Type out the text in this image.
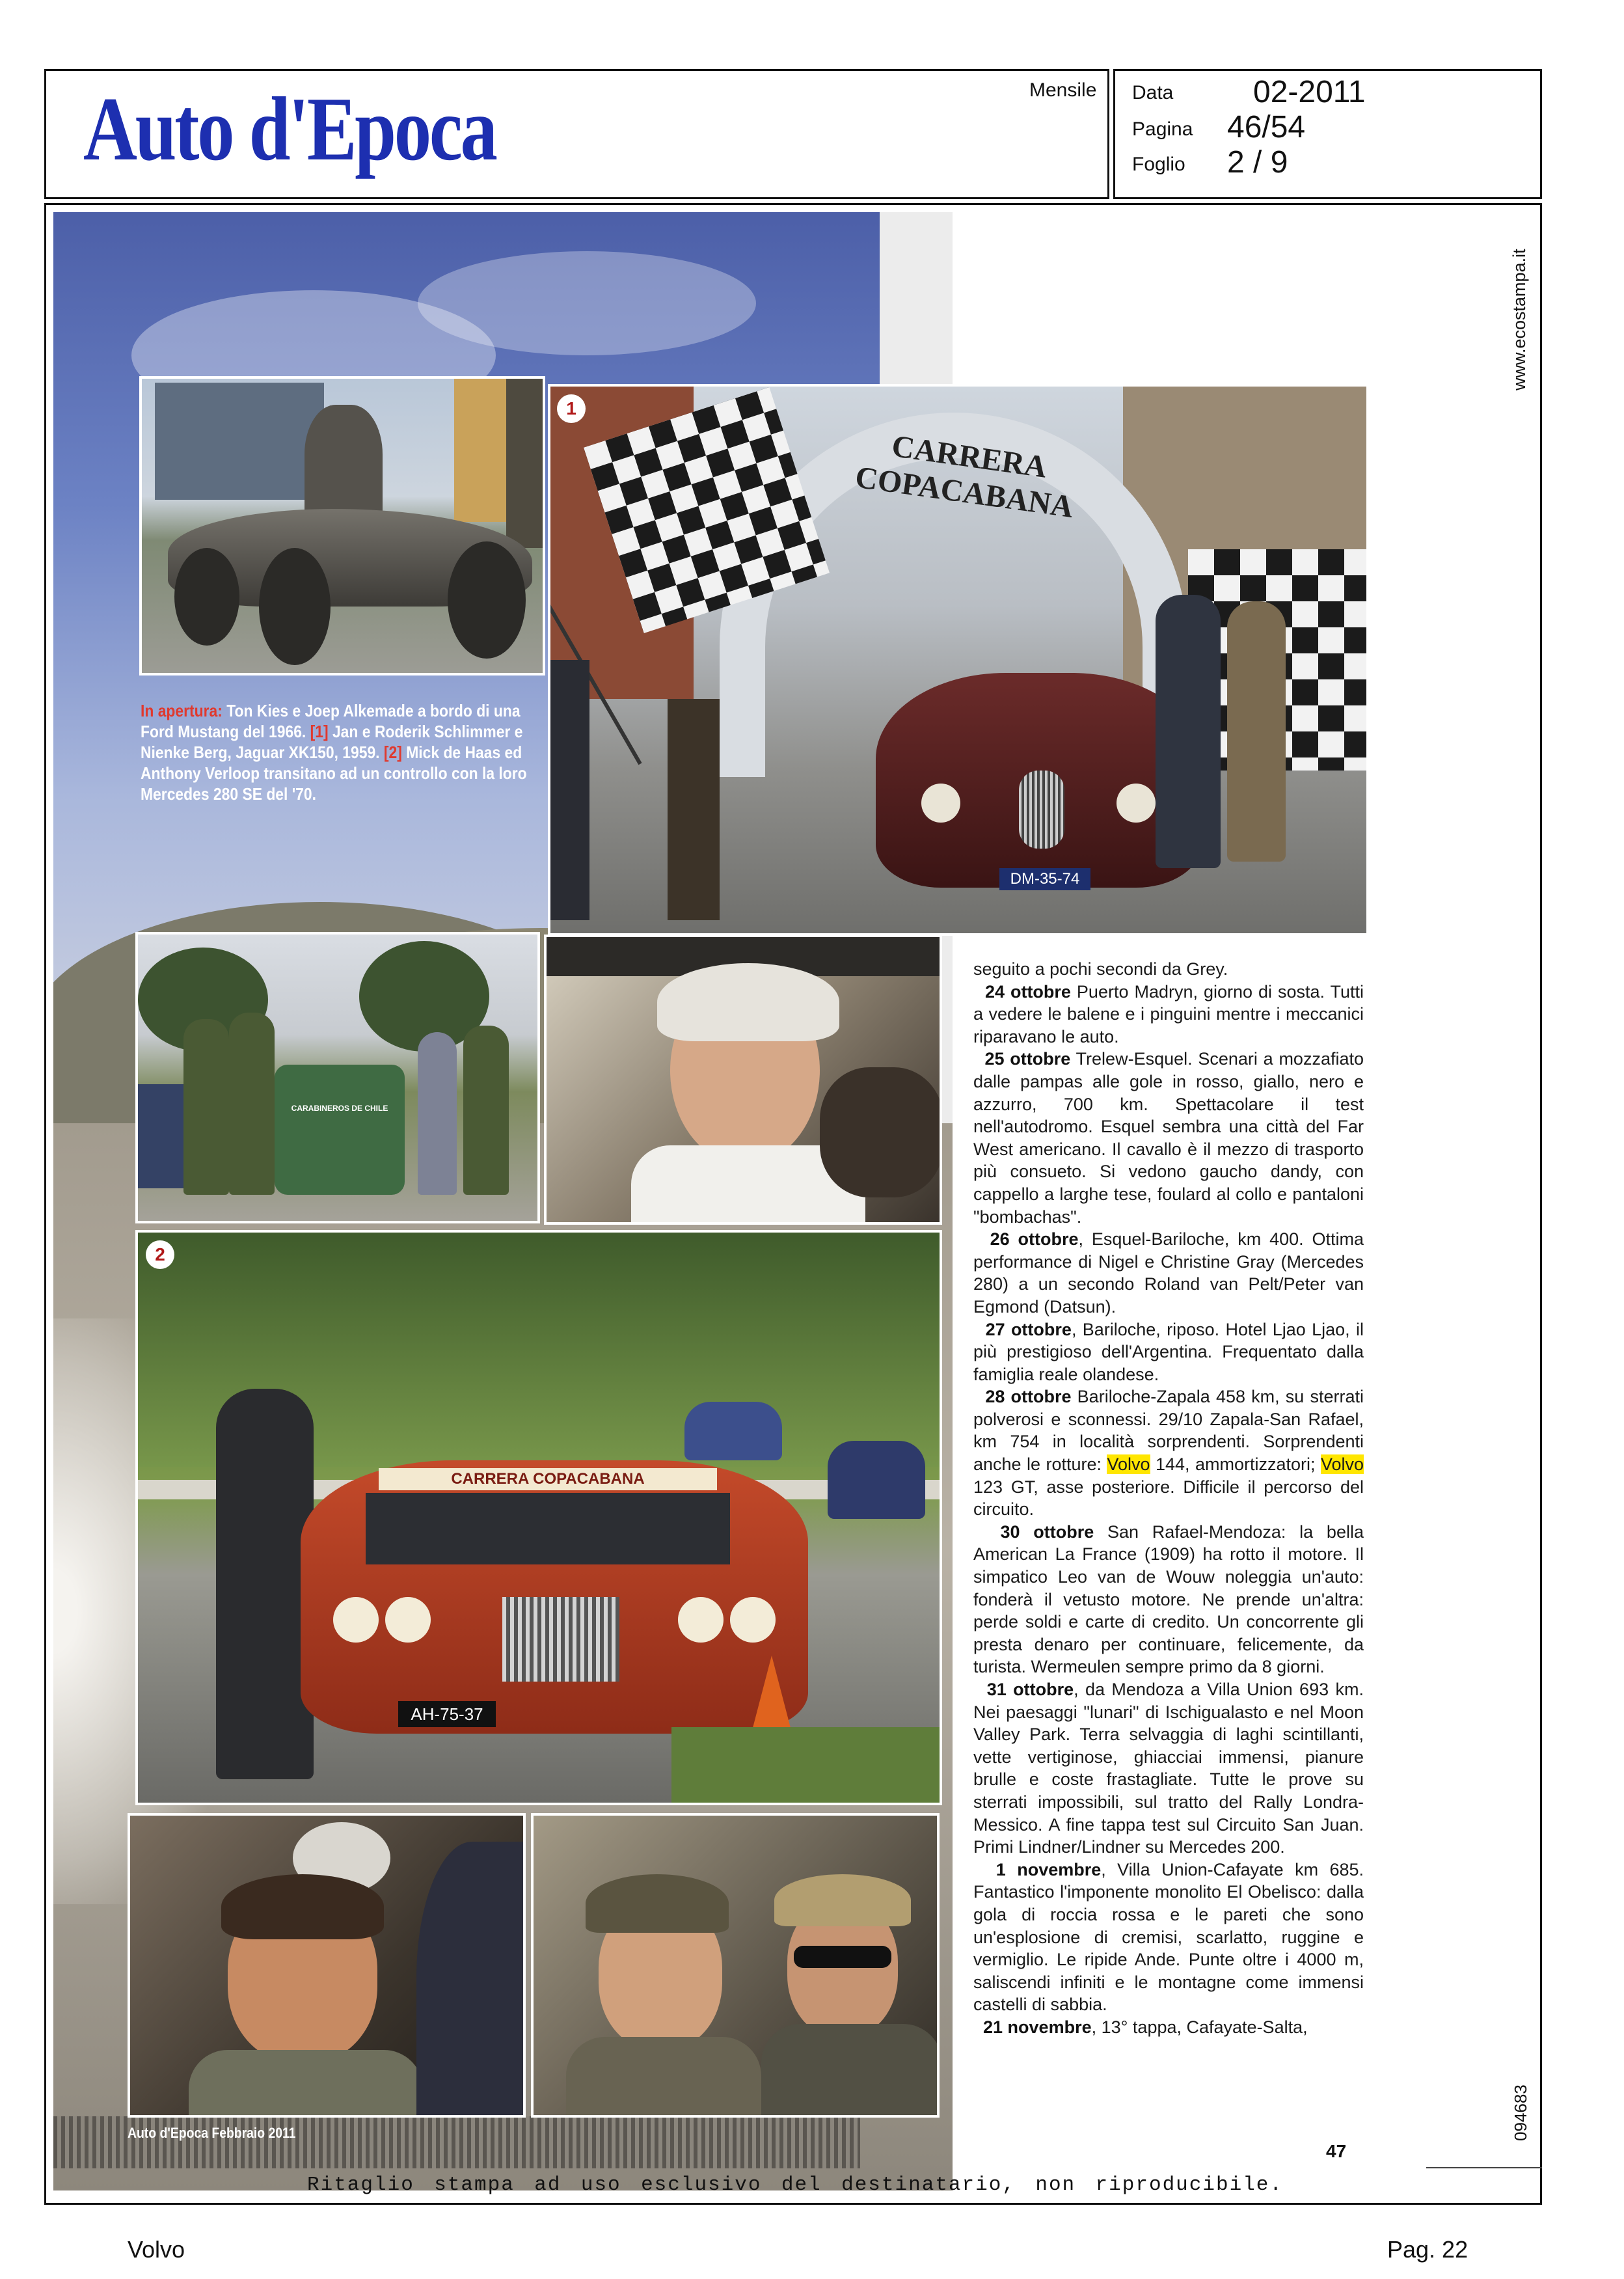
Auto d'Epoca	Mensile Data	02-2011
Pagina 46/54
Foglio 2 / 9
www.ecostampa.it
094683
In apertura: Ton Kies e Joep Alkemade a bordo di una Ford Mustang del 1966. [1] Jan e Roderik Schlimmer e Nienke Berg, Jaguar XK150, 1959. [2] Mick de Haas ed Anthony Verloop transitano ad un controllo con la loro Mercedes 280 SE del '70.
CARRERA COPACABANA
DM-35-74
1
CARABINEROS DE CHILE
CARRERA COPACABANA
AH-75-37
2
Auto d'Epoca Febbraio 2011

seguito a pochi secondi da Grey.

24 ottobre Puerto Madryn, giorno di sosta. Tutti a vedere le balene e i pinguini mentre i meccanici riparavano le auto.

25 ottobre Trelew-Esquel. Scenari a mozzafiato dalle pampas alle gole in rosso, giallo, nero e azzurro, 700 km. Spettacolare il test nell'autodromo. Esquel sembra una città del Far West americano. Il cavallo è il mezzo di trasporto più consueto. Si vedono gaucho dandy, con cappello a larghe tese, foulard al collo e pantaloni "bombachas".

26 ottobre, Esquel-Bariloche, km 400. Ottima performance di Nigel e Christine Gray (Mercedes 280) a un secondo Roland van Pelt/Peter van Egmond (Datsun).

27 ottobre, Bariloche, riposo. Hotel Ljao Ljao, il più prestigioso dell'Argentina. Frequentato dalla famiglia reale olandese.

28 ottobre Bariloche-Zapala 458 km, su sterrati polverosi e sconnessi. 29/10 Zapala-San Rafael, km 754 in località sorprendenti. Sorprendenti anche le rotture: Volvo 144, ammortizzatori; Volvo 123 GT, asse posteriore. Difficile il percorso del circuito.

30 ottobre San Rafael-Mendoza: la bella American La France (1909) ha rotto il motore. Il simpatico Leo van de Wouw noleggia un'auto: fonderà il vetusto motore. Ne prende un'altra: perde soldi e carte di credito. Un concorrente gli presta denaro per continuare, felicemente, da turista. Wermeulen sempre primo da 8 giorni.

31 ottobre, da Mendoza a Villa Union 693 km. Nei paesaggi "lunari" di Ischigualasto e nel Moon Valley Park. Terra selvaggia di laghi scintillanti, vette vertiginose, ghiacciai immensi, pianure brulle e coste frastagliate. Tutte le prove su sterrati impossibili, sul tratto del Rally Londra-Messico. A fine tappa test sul Circuito San Juan. Primi Lindner/Lindner su Mercedes 200.

1 novembre, Villa Union-Cafayate km 685. Fantastico l'imponente monolito El Obelisco: dalla gola di roccia rossa e le pareti che sono un'esplosione di cremisi, scarlatto, ruggine e vermiglio. Le ripide Ande. Punte oltre i 4000 m, saliscendi infiniti e le montagne come immensi castelli di sabbia.

21 novembre, 13° tappa, Cafayate-Salta,

47
Ritaglio stampa ad uso esclusivo del destinatario, non riproducibile.
Volvo	Pag. 22
